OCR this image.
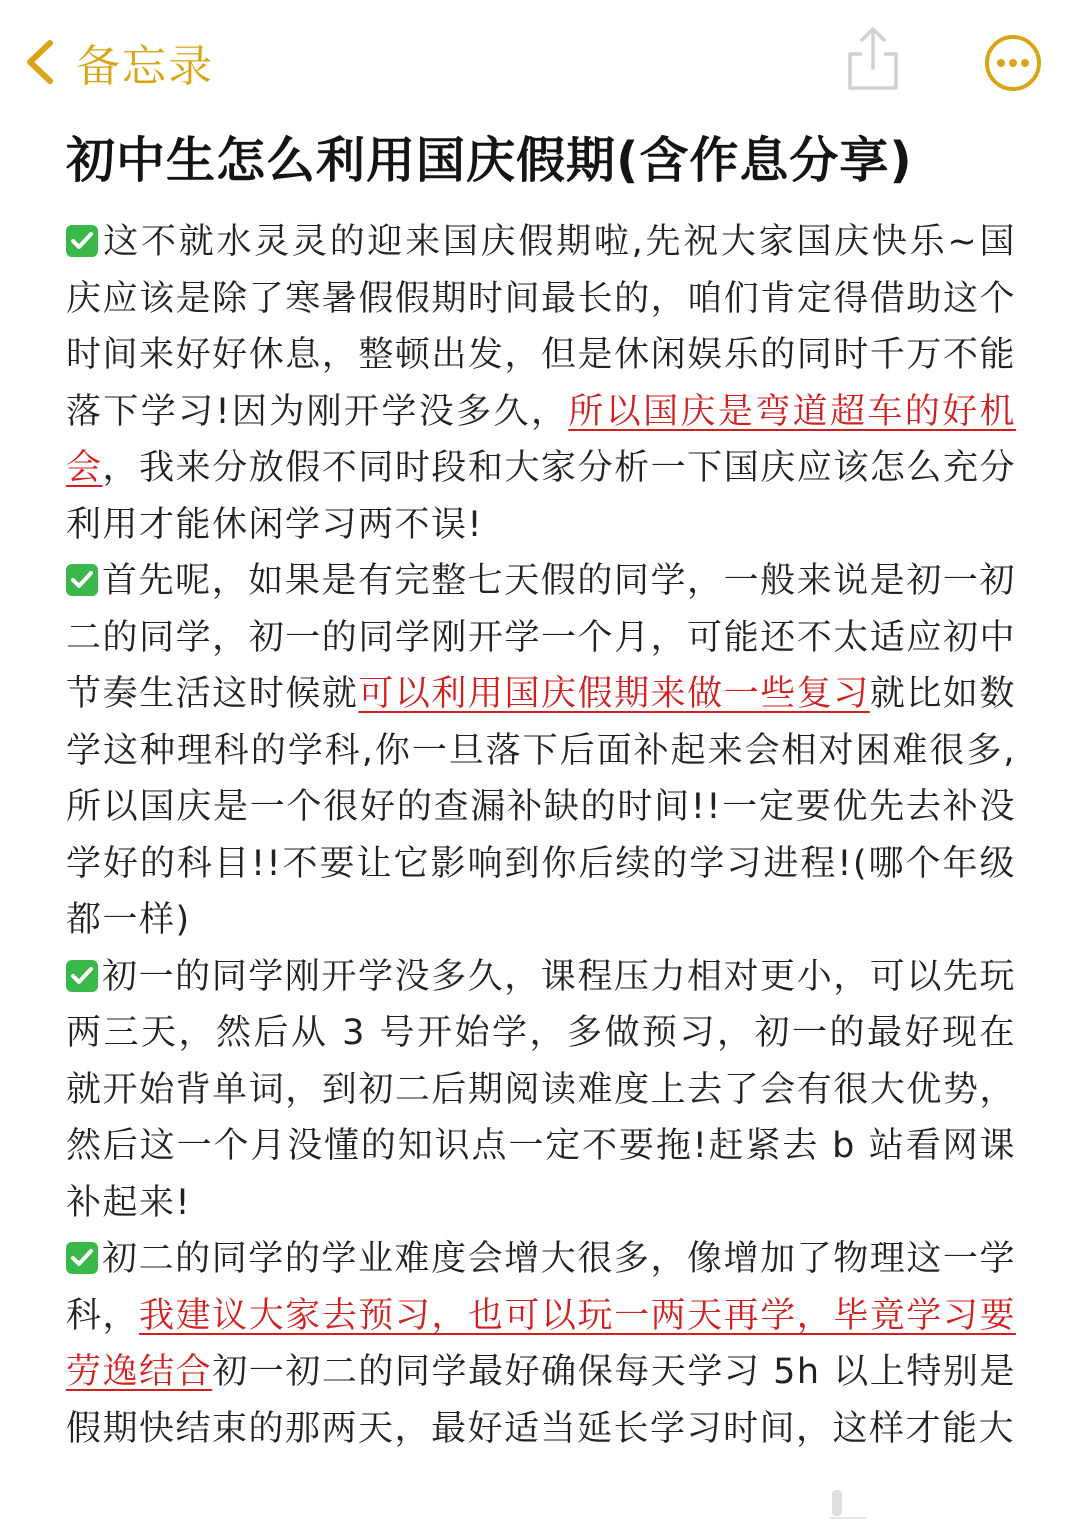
备忘录
初中生怎么利用国庆假期(含作息分享)

这不就水灵灵的迎来国庆假期啦,先祝大家国庆快乐~国庆应该是除了寒暑假假期时间最长的，咱们肯定得借助这个时间来好好休息，整顿出发，但是休闲娱乐的同时千万不能落下学习!因为刚开学没多久，所以国庆是弯道超车的好机会，我来分放假不同时段和大家分析一下国庆应该怎么充分利用才能休闲学习两不误!

首先呢，如果是有完整七天假的同学，一般来说是初一初二的同学，初一的同学刚开学一个月，可能还不太适应初中节奏生活这时候就可以利用国庆假期来做一些复习就比如数学这种理科的学科,你一旦落下后面补起来会相对困难很多,所以国庆是一个很好的查漏补缺的时间!!一定要优先去补没学好的科目!!不要让它影响到你后续的学习进程!(哪个年级都一样)

初一的同学刚开学没多久，课程压力相对更小，可以先玩两三天，然后从 3 号开始学，多做预习，初一的最好现在就开始背单词，到初二后期阅读难度上去了会有很大优势，然后这一个月没懂的知识点一定不要拖!赶紧去 b 站看网课补起来!

初二的同学的学业难度会增大很多，像增加了物理这一学科，我建议大家去预习，也可以玩一两天再学，毕竟学习要劳逸结合初一初二的同学最好确保每天学习 5h 以上特别是假期快结束的那两天，最好适当延长学习时间，这样才能大
